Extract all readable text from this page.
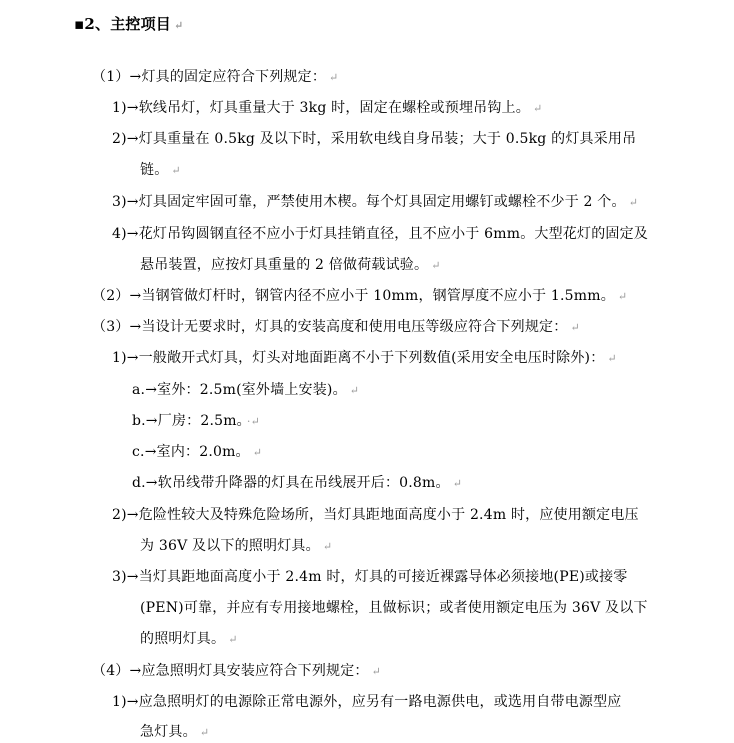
▪2、主控项目 ↵
（1）→灯具的固定应符合下列规定： ↵
1)→软线吊灯，灯具重量大于 3kg 时，固定在螺栓或预埋吊钩上。 ↵
2)→灯具重量在 0.5kg 及以下时，采用软电线自身吊装；大于 0.5kg 的灯具采用吊
链。 ↵
3)→灯具固定牢固可靠，严禁使用木楔。每个灯具固定用螺钉或螺栓不少于 2 个。 ↵
4)→花灯吊钩圆钢直径不应小于灯具挂销直径，且不应小于 6mm。大型花灯的固定及
悬吊装置，应按灯具重量的 2 倍做荷载试验。 ↵
（2）→当钢管做灯杆时，钢管内径不应小于 10mm，钢管厚度不应小于 1.5mm。 ↵
（3）→当设计无要求时，灯具的安装高度和使用电压等级应符合下列规定： ↵
1)→一般敞开式灯具，灯头对地面距离不小于下列数值(采用安全电压时除外)： ↵
a.→室外：2.5m(室外墙上安装)。 ↵
b.→厂房：2.5m。 ·↵
c.→室内：2.0m。 ↵
d.→软吊线带升降器的灯具在吊线展开后：0.8m。 ↵
2)→危险性较大及特殊危险场所，当灯具距地面高度小于 2.4m 时，应使用额定电压
为 36V 及以下的照明灯具。 ↵
3)→当灯具距地面高度小于 2.4m 时，灯具的可接近裸露导体必须接地(PE)或接零
(PEN)可靠，并应有专用接地螺栓，且做标识；或者使用额定电压为 36V 及以下
的照明灯具。 ↵
（4）→应急照明灯具安装应符合下列规定： ↵
1)→应急照明灯的电源除正常电源外，应另有一路电源供电，或选用自带电源型应
急灯具。 ↵
